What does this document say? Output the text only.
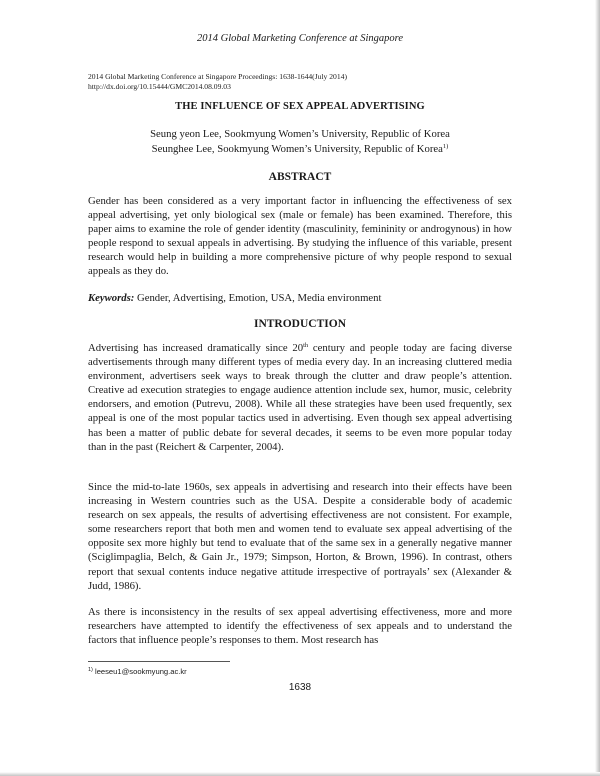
2014 Global Marketing Conference at Singapore
2014 Global Marketing Conference at Singapore Proceedings: 1638-1644(July 2014)
http://dx.doi.org/10.15444/GMC2014.08.09.03
THE INFLUENCE OF SEX APPEAL ADVERTISING
Seung yeon Lee, Sookmyung Women’s University, Republic of Korea
Seunghee Lee, Sookmyung Women’s University, Republic of Korea$^{1)}$
ABSTRACT

Gender has been considered as a very important factor in influencing the effectiveness of sex appeal advertising, yet only biological sex (male or female) has been examined. Therefore, this paper aims to examine the role of gender identity (masculinity, femininity or androgynous) in how people respond to sexual appeals in advertising. By studying the influence of this variable, present research would help in building a more comprehensive picture of why people respond to sexual appeals as they do.

Keywords: Gender, Advertising, Emotion, USA, Media environment

INTRODUCTION

Advertising has increased dramatically since 20th century and people today are facing diverse advertisements through many different types of media every day. In an increasing cluttered media environment, advertisers seek ways to break through the clutter and draw people’s attention. Creative ad execution strategies to engage audience attention include sex, humor, music, celebrity endorsers, and emotion (Putrevu, 2008). While all these strategies have been used frequently, sex appeal is one of the most popular tactics used in advertising. Even though sex appeal advertising has been a matter of public debate for several decades, it seems to be even more popular today than in the past (Reichert & Carpenter, 2004).

Since the mid-to-late 1960s, sex appeals in advertising and research into their effects have been increasing in Western countries such as the USA. Despite a considerable body of academic research on sex appeals, the results of advertising effectiveness are not consistent. For example, some researchers report that both men and women tend to evaluate sex appeal advertising of the opposite sex more highly but tend to evaluate that of the same sex in a generally negative manner (Sciglimpaglia, Belch, & Gain Jr., 1979; Simpson, Horton, & Brown, 1996). In contrast, others report that sexual contents induce negative attitude irrespective of portrayals’ sex (Alexander & Judd, 1986).

As there is inconsistency in the results of sex appeal advertising effectiveness, more and more researchers have attempted to identify the effectiveness of sex appeals and to understand the factors that influence people’s responses to them. Most research has

$^{1)}$ leeseu1@sookmyung.ac.kr
1638
